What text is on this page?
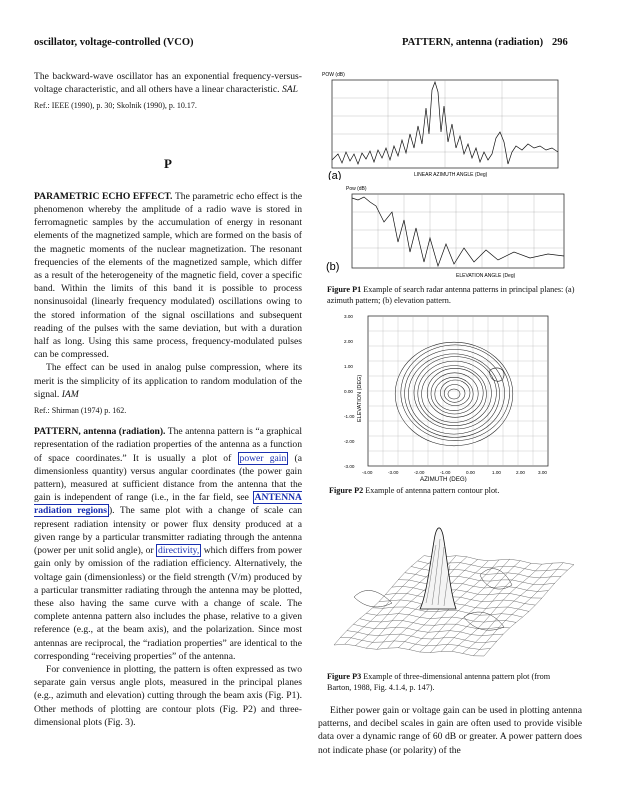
oscillator, voltage-controlled (VCO)	PATTERN, antenna (radiation) 296

The backward-wave oscillator has an exponential frequency-versus-voltage characteristic, and all others have a linear characteristic. SAL

Ref.: IEEE (1990), p. 30; Skolnik (1990), p. 10.17.

P

PARAMETRIC ECHO EFFECT. The parametric echo effect is the phenomenon whereby the amplitude of a radio wave is stored in ferromagnetic samples by the accumulation of energy in resonant elements of the magnetized sample, which are formed on the basis of the magnetic moments of the nuclear magnetization. The resonant frequencies of the elements of the magnetized sample, which differ as a result of the heterogeneity of the magnetic field, cover a specific band. Within the limits of this band it is possible to process nonsinusoidal (linearly frequency modulated) oscillations owing to the stored information of the signal oscillations and subsequent reading of the pulses with the same deviation, but with a duration half as long. Using this same process, frequency-modulated pulses can be compressed.

The effect can be used in analog pulse compression, where its merit is the simplicity of its application to random modulation of the signal. IAM

Ref.: Shirman (1974) p. 162.

PATTERN, antenna (radiation). The antenna pattern is “a graphical representation of the radiation properties of the antenna as a function of space coordinates.” It is usually a plot of power gain (a dimensionless quantity) versus angular coordinates (the power gain pattern), measured at sufficient distance from the antenna that the gain is independent of range (i.e., in the far field, see ANTENNA radiation regions ). The same plot with a change of scale can represent radiation intensity or power flux density produced at a given range by a particular transmitter radiating through the antenna (power per unit solid angle), or directivity, which differs from power gain only by omission of the radiation efficiency. Alternatively, the voltage gain (dimensionless) or the field strength (V/m) produced by a particular transmitter radiating through the antenna may be plotted, these also having the same curve with a change of scale. The complete antenna pattern also includes the phase, relative to a given reference (e.g., at the beam axis), and the polarization. Since most antennas are reciprocal, the “radiation properties” are identical to the corresponding “receiving properties” of the antenna.

For convenience in plotting, the pattern is often expressed as two separate gain versus angle plots, measured in the principal planes (e.g., azimuth and elevation) cutting through the beam axis (Fig. P1). Other methods of plotting are contour plots (Fig. P2) and three-dimensional plots (Fig. 3).

POW (dB)
(a)	LINEAR AZIMUTH ANGLE (Deg)
Pow (dB)
(b)
ELEVATION ANGLE (Deg)
Figure P1 Example of search radar antenna patterns in principal planes: (a) azimuth pattern; (b) elevation pattern.
3.00
2.00
1.00
0.00
-1.00
-2.00
-3.00
-4.00	-3.00	-2.00	-1.00	0.00	1.00	2.00	3.00
AZIMUTH (DEG)
ELEVATION (DEG)
Figure P2 Example of antenna pattern contour plot.
Figure P3 Example of three-dimensional antenna pattern plot (from Barton, 1988, Fig. 4.1.4, p. 147).

Either power gain or voltage gain can be used in plotting antenna patterns, and decibel scales in gain are often used to provide visible data over a dynamic range of 60 dB or greater. A power pattern does not indicate phase (or polarity) of the
